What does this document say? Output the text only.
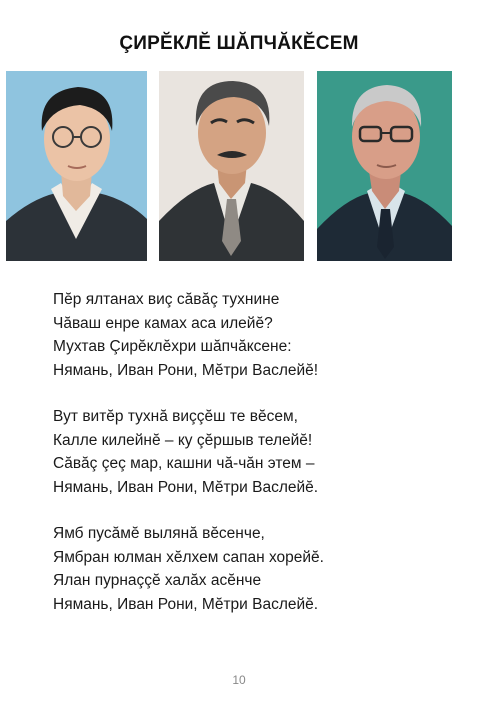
ÇИРĔКЛĔ ШĂПЧĂКĔСЕМ
Пĕр ялтанах виç сăвăç тухнине
Чăваш енре камах аса илейĕ?
Мухтав Çирĕклĕхри шăпчăксене:
Нямань, Иван Рони, Мĕтри Васлейĕ!
Вут витĕр тухнă виççĕш те вĕсем,
Калле килейнĕ – ку çĕршыв телейĕ!
Сăвăç çеç мар, кашни чă-чăн этем –
Нямань, Иван Рони, Мĕтри Васлейĕ.
Ямб пусăмĕ вылянă вĕсенче,
Ямбран юлман хĕлхем сапан хорейĕ.
Ялан пурнаççĕ халăх асĕнче
Нямань, Иван Рони, Мĕтри Васлейĕ.
10
